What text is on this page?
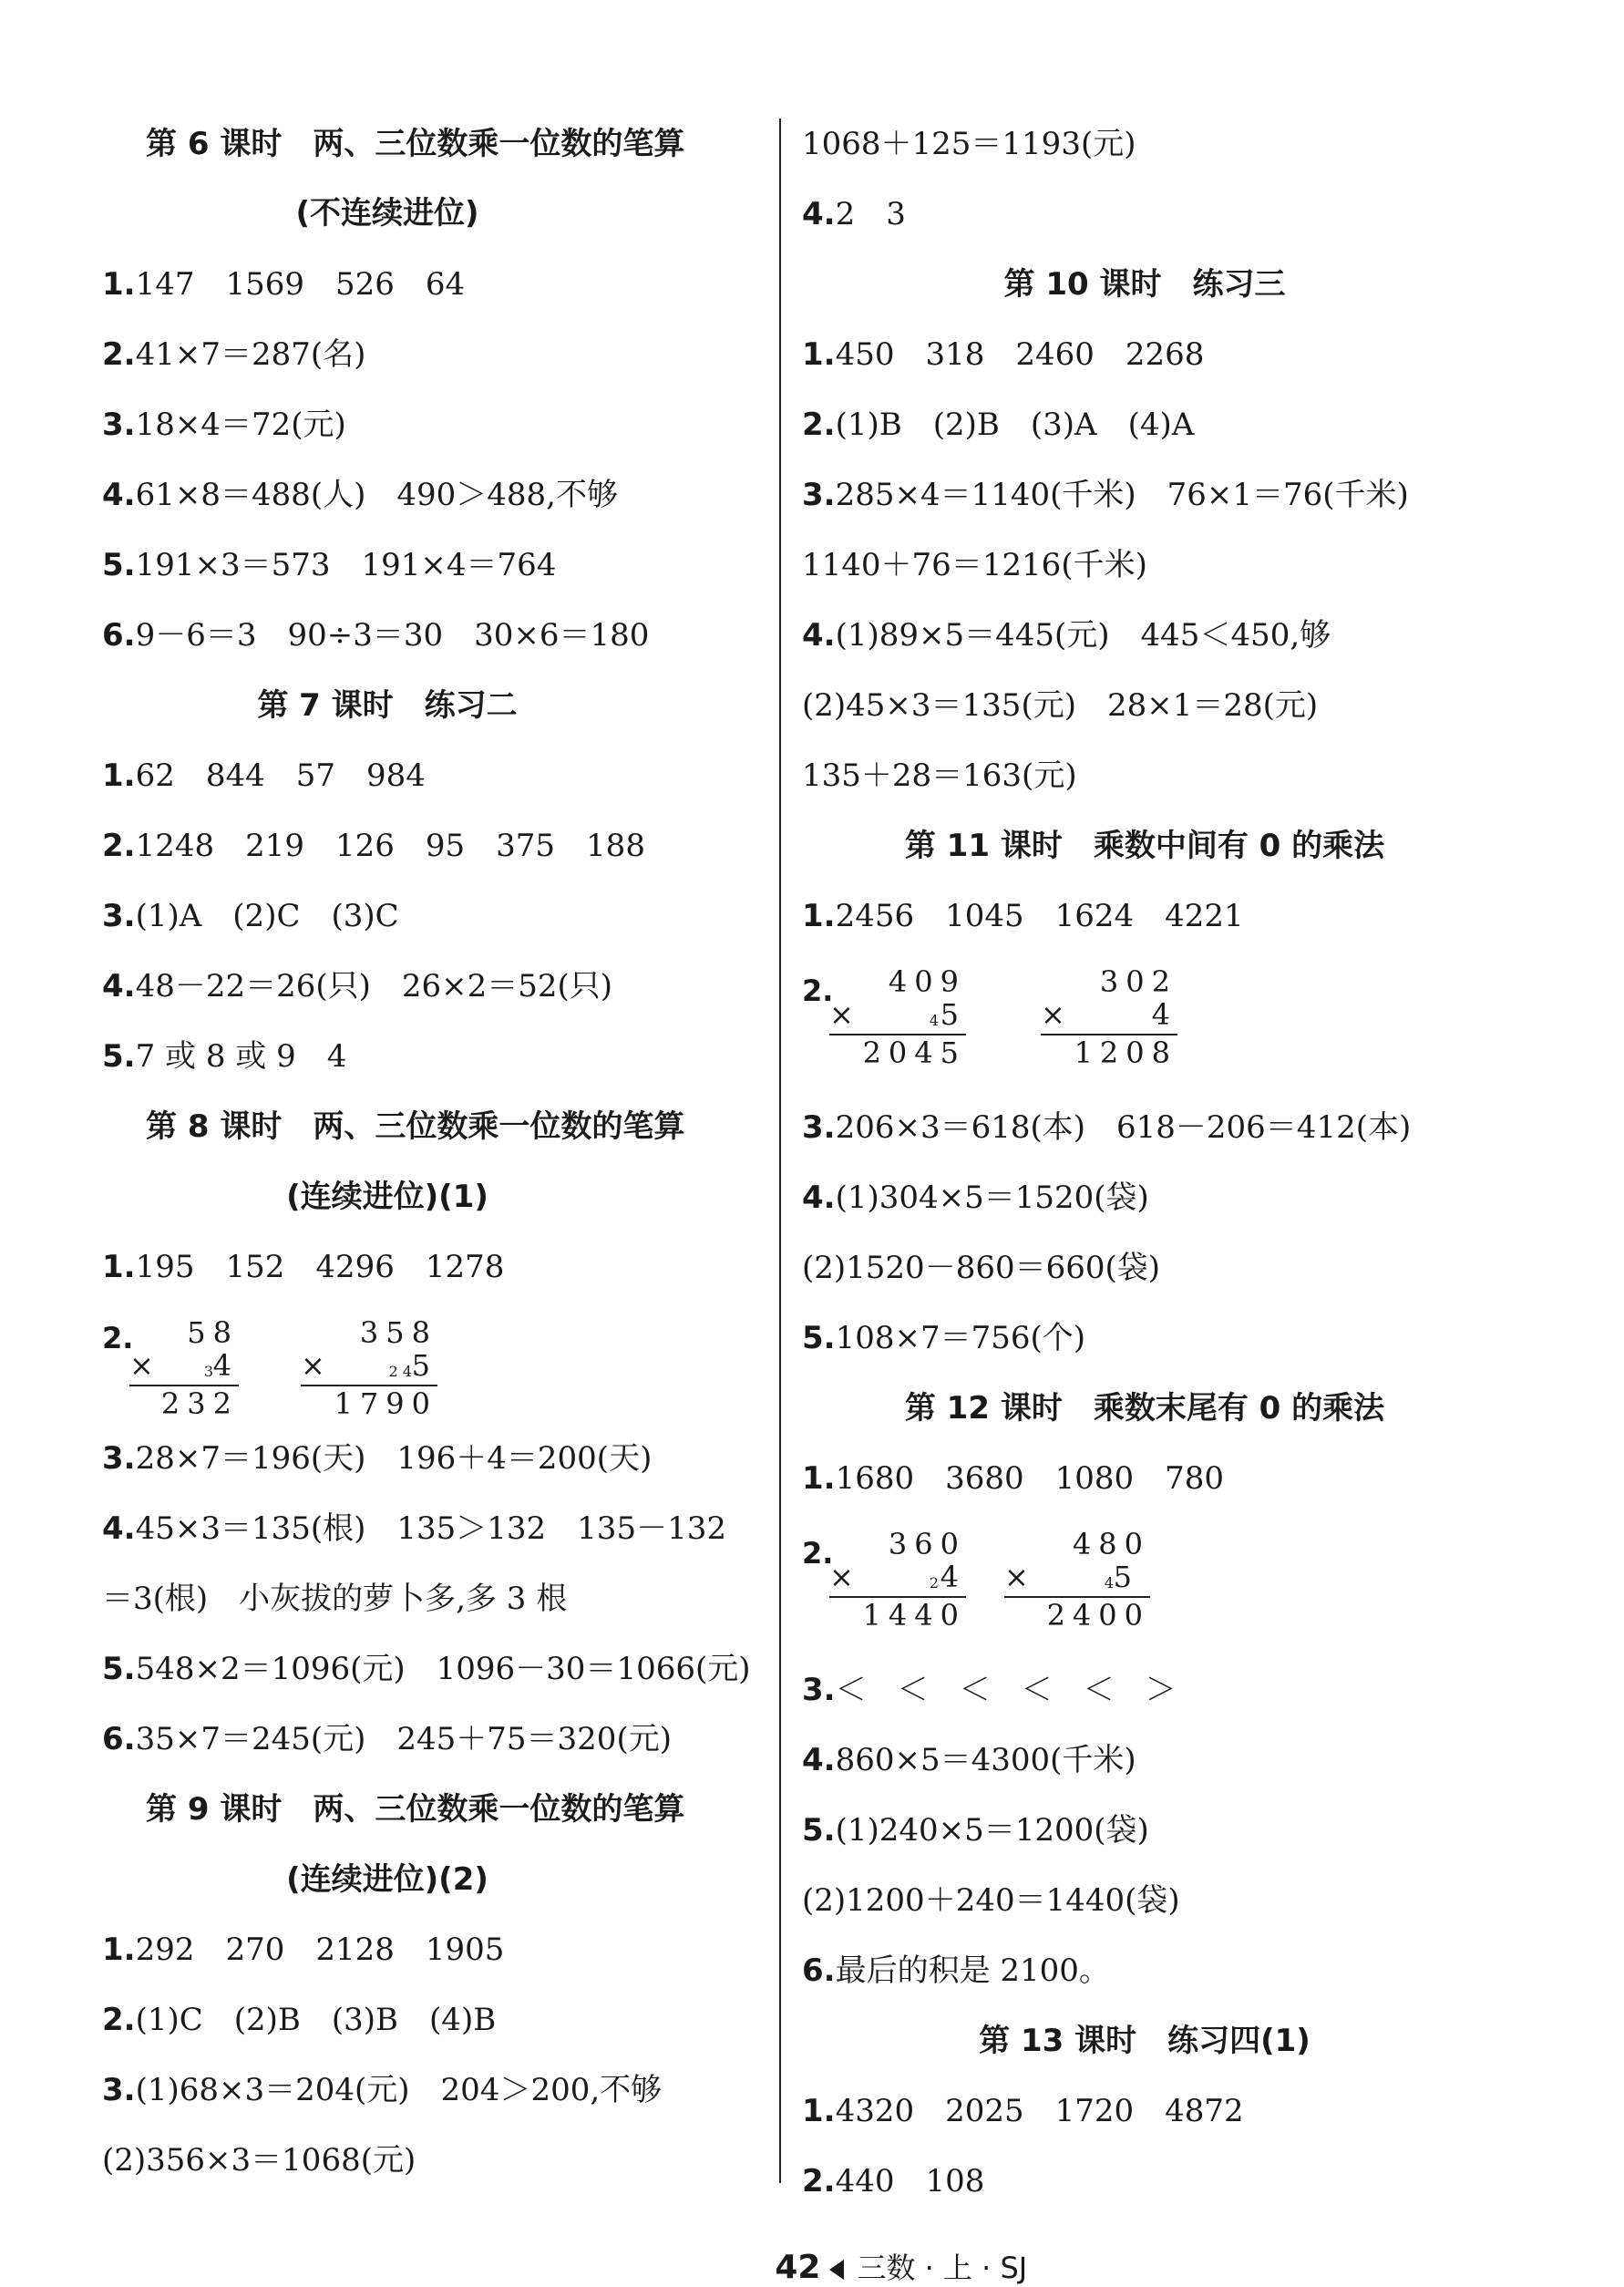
第 6 课时　两、三位数乘一位数的笔算
(不连续进位)
1.147　1569　526　64
2.41×7＝287(名)
3.18×4＝72(元)
4.61×8＝488(人)　490＞488,不够
5.191×3＝573　191×4＝764
6.9－6＝3　90÷3＝30　30×6＝180
第 7 课时　练习二
1.62　844　57　984
2.1248　219　126　95　375　188
3.(1)A　(2)C　(3)C
4.48－22＝26(只)　26×2＝52(只)
5.7 或 8 或 9　4
第 8 课时　两、三位数乘一位数的笔算
(连续进位)(1)
1.195　152　4296　1278
2. 58
×	3 4
232
358
×	2 4 5
1790
3.28×7＝196(天)　196＋4＝200(天)
4.45×3＝135(根)　135＞132　135－132
＝3(根)　小灰拔的萝卜多,多 3 根
5.548×2＝1096(元)　1096－30＝1066(元)
6.35×7＝245(元)　245＋75＝320(元)
第 9 课时　两、三位数乘一位数的笔算
(连续进位)(2)
1.292　270　2128　1905
2.(1)C　(2)B　(3)B　(4)B
3.(1)68×3＝204(元)　204＞200,不够
(2)356×3＝1068(元)
1068＋125＝1193(元)
4.2　3
第 10 课时　练习三
1.450　318　2460　2268
2.(1)B　(2)B　(3)A　(4)A
3.285×4＝1140(千米)　76×1＝76(千米)
1140＋76＝1216(千米)
4.(1)89×5＝445(元)　445＜450,够
(2)45×3＝135(元)　28×1＝28(元)
135＋28＝163(元)
第 11 课时　乘数中间有 0 的乘法
1.2456　1045　1624　4221
2. 409
×	4 5
2045
302
×	4
1208
3.206×3＝618(本)　618－206＝412(本)
4.(1)304×5＝1520(袋)
(2)1520－860＝660(袋)
5.108×7＝756(个)
第 12 课时　乘数末尾有 0 的乘法
1.1680　3680　1080　780
2. 360
×	2 4
1440
480
×	4 5
2400
3.＜　＜　＜　＜　＜　＞
4.860×5＝4300(千米)
5.(1)240×5＝1200(袋)
(2)1200＋240＝1440(袋)
6.最后的积是 2100。
第 13 课时　练习四(1)
1.4320　2025　1720　4872
2.440　108

42 三数 · 上 · SJ
